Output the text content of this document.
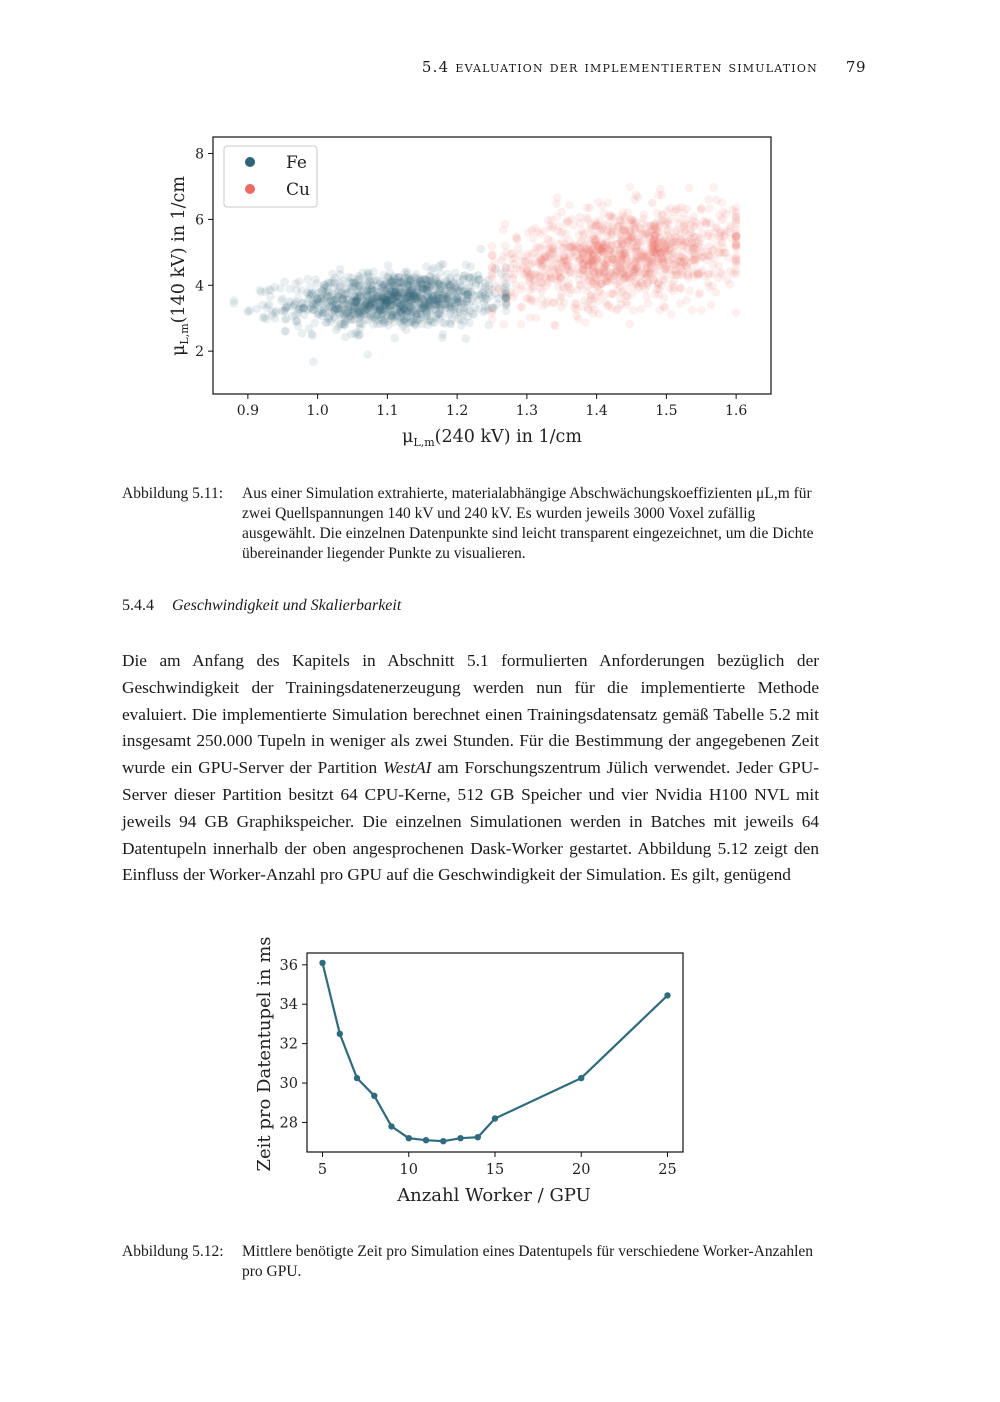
5.4 evaluation der implementierten simulation 79
0.9	1.0	1.1	1.2	1.3	1.4	1.5	1.6
2
4
6
8	Fe
Cu
$\mu_{L,m}(240$ kV) in 1/cm
$\mu_{L,m}(140$ kV) in 1/cm
Abbildung 5.11: Aus einer Simulation extrahierte, materialabhängige Abschwächungskoeffizienten μL,m für zwei Quellspannungen 140 kV und 240 kV. Es wurden jeweils 3000 Voxel zufällig ausgewählt. Die einzelnen Datenpunkte sind leicht transparent eingezeichnet, um die Dichte übereinander liegender Punkte zu visualieren.
5.4.4 Geschwindigkeit und Skalierbarkeit
Die am Anfang des Kapitels in Abschnitt 5.1 formulierten Anforderungen bezüglich der Geschwindigkeit der Trainingsdatenerzeugung werden nun für die implementierte Methode evaluiert. Die implementierte Simulation berechnet einen Trainingsdatensatz gemäß Tabelle 5.2 mit insgesamt 250.000 Tupeln in weniger als zwei Stunden. Für die Bestimmung der angegebenen Zeit wurde ein GPU-Server der Partition WestAI am Forschungszentrum Jülich verwendet. Jeder GPU-Server dieser Partition besitzt 64 CPU-Kerne, 512 GB Speicher und vier Nvidia H100 NVL mit jeweils 94 GB Graphikspeicher. Die einzelnen Simulationen werden in Batches mit jeweils 64 Datentupeln innerhalb der oben angesprochenen Dask-Worker gestartet. Abbildung 5.12 zeigt den Einfluss der Worker-Anzahl pro GPU auf die Geschwindigkeit der Simulation. Es gilt, genügend
5	10	15	20	25
28
30
32
34
36
Anzahl Worker / GPU
Zeit pro Datentupel in ms
Abbildung 5.12: Mittlere benötigte Zeit pro Simulation eines Datentupels für verschiedene Worker-Anzahlen pro GPU.
